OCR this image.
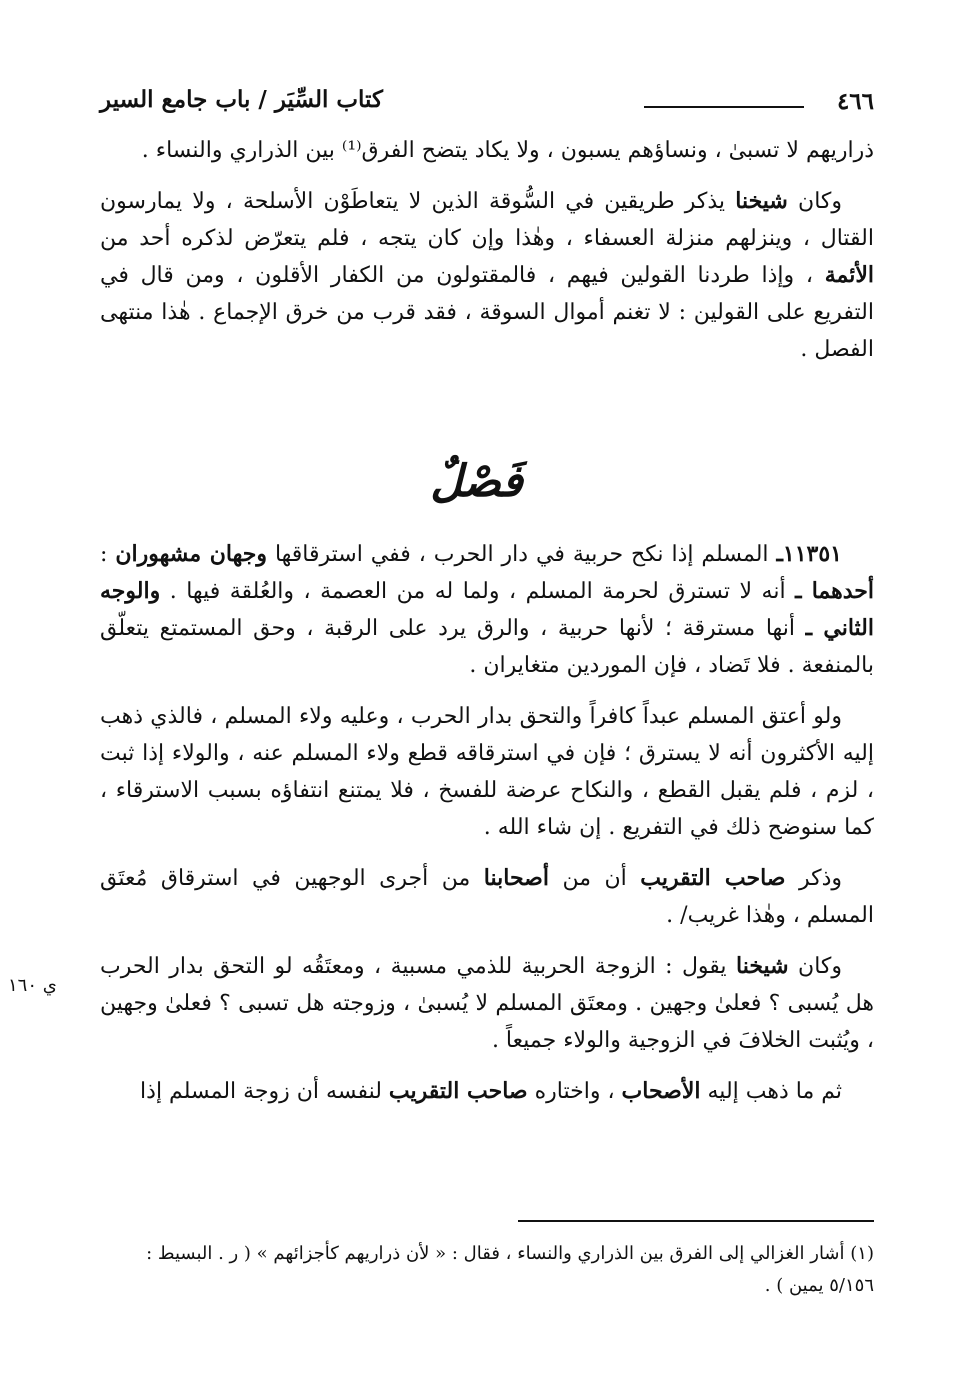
٤٦٦
كتاب السِّيَر / باب جامع السير

ذراريهم لا تسبىٰ ، ونساؤهم يسبون ، ولا يكاد يتضح الفرق⁽¹⁾ بين الذراري والنساء .

وكان شيخنا يذكر طريقين في السُّوقة الذين لا يتعاطَوْن الأسلحة ، ولا يمارسون القتال ، وينزلهم منزلة العسفاء ، وهٰذا وإن كان يتجه ، فلم يتعرّض لذكره أحد من الأئمة ، وإذا طردنا القولين فيهم ، فالمقتولون من الكفار الأقلون ، ومن قال في التفريع على القولين : لا تغنم أموال السوقة ، فقد قرب من خرق الإجماع . هٰذا منتهى الفصل .

فَصْلٌ

١١٣٥١ـ المسلم إذا نكح حربية في دار الحرب ، ففي استرقاقها وجهان مشهوران : أحدهما ـ أنه لا تسترق لحرمة المسلم ، ولما له من العصمة ، والعُلقة فيها . والوجه الثاني ـ أنها مسترقة ؛ لأنها حربية ، والرق يرد على الرقبة ، وحق المستمتع يتعلّق بالمنفعة . فلا تَضاد ، فإن الموردين متغايران .

ولو أعتق المسلم عبداً كافراً والتحق بدار الحرب ، وعليه ولاء المسلم ، فالذي ذهب إليه الأكثرون أنه لا يسترق ؛ فإن في استرقاقه قطع ولاء المسلم عنه ، والولاء إذا ثبت ، لزم ، فلم يقبل القطع ، والنكاح عرضة للفسخ ، فلا يمتنع انتفاؤه بسبب الاسترقاء ، كما سنوضح ذلك في التفريع . إن شاء الله .

وذكر صاحب التقريب أن من أصحابنا من أجرى الوجهين في استرقاق مُعتَق المسلم ، وهٰذا غريب/ .

وكان شيخنا يقول : الزوجة الحربية للذمي مسبية ، ومعتَقُه لو التحق بدار الحرب هل يُسبى ؟ فعلىٰ وجهين . ومعتَق المسلم لا يُسبىٰ ، وزوجته هل تسبى ؟ فعلىٰ وجهين ، ويُثبت الخلافَ في الزوجية والولاء جميعاً .

ثم ما ذهب إليه الأصحاب ، واختاره صاحب التقريب لنفسه أن زوجة المسلم إذا

ي ١٦٠
(١) أشار الغزالي إلى الفرق بين الذراري والنساء ، فقال : « لأن ذراريهم كأجزائهم » ( ر . البسيط : ٥/١٥٦ يمين ) .
